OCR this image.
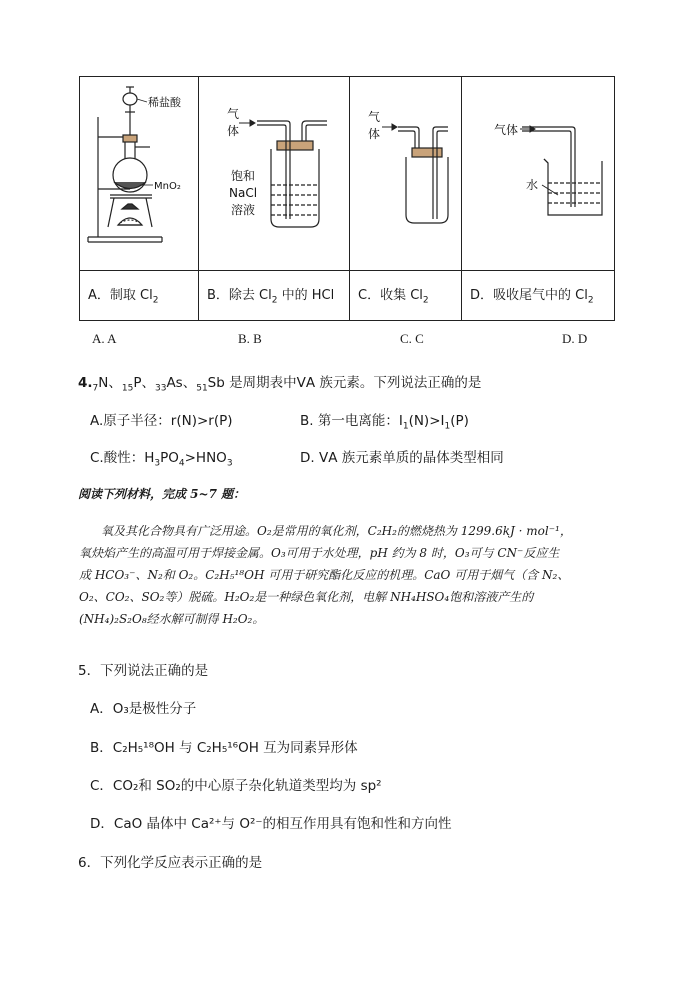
稀盐酸
MnO₂
气
体
饱和
NaCl
溶液
气
体	气体
水
A．制取 $Cl_2$	B．除去 $Cl_2$ 中的 HCl	C．收集 $Cl_2$	D．吸收尾气中的 $Cl_2$
A. A	B. B	C. C	D. D
$4._7N$、$_{15}$P、$_{33}$As、$_{51}$Sb 是周期表中ⅤA 族元素。下列说法正确的是
A.原子半径：r(N)>r(P)	B. 第一电离能：$I_1(N)>I_1(P)$
C.酸性：$H_3PO_4>HNO_3$	D. ⅤA 族元素单质的晶体类型相同
阅读下列材料，完成 5~7 题：
氧及其化合物具有广泛用途。O₂是常用的氧化剂，C₂H₂的燃烧热为 1299.6kJ · mol⁻¹，
氧炔焰产生的高温可用于焊接金属。O₃可用于水处理，pH 约为 8 时，O₃可与 CN⁻反应生
成 HCO₃⁻、N₂和 O₂。C₂H₅¹⁸OH 可用于研究酯化反应的机理。CaO 可用于烟气（含 N₂、
O₂、CO₂、SO₂等）脱硫。H₂O₂是一种绿色氧化剂，电解 NH₄HSO₄饱和溶液产生的
(NH₄)₂S₂O₈经水解可制得 H₂O₂。
5．下列说法正确的是
A．O₃是极性分子
B．C₂H₅¹⁸OH 与 C₂H₅¹⁶OH 互为同素异形体
C．CO₂和 SO₂的中心原子杂化轨道类型均为 sp²
D．CaO 晶体中 Ca²⁺与 O²⁻的相互作用具有饱和性和方向性
6．下列化学反应表示正确的是
